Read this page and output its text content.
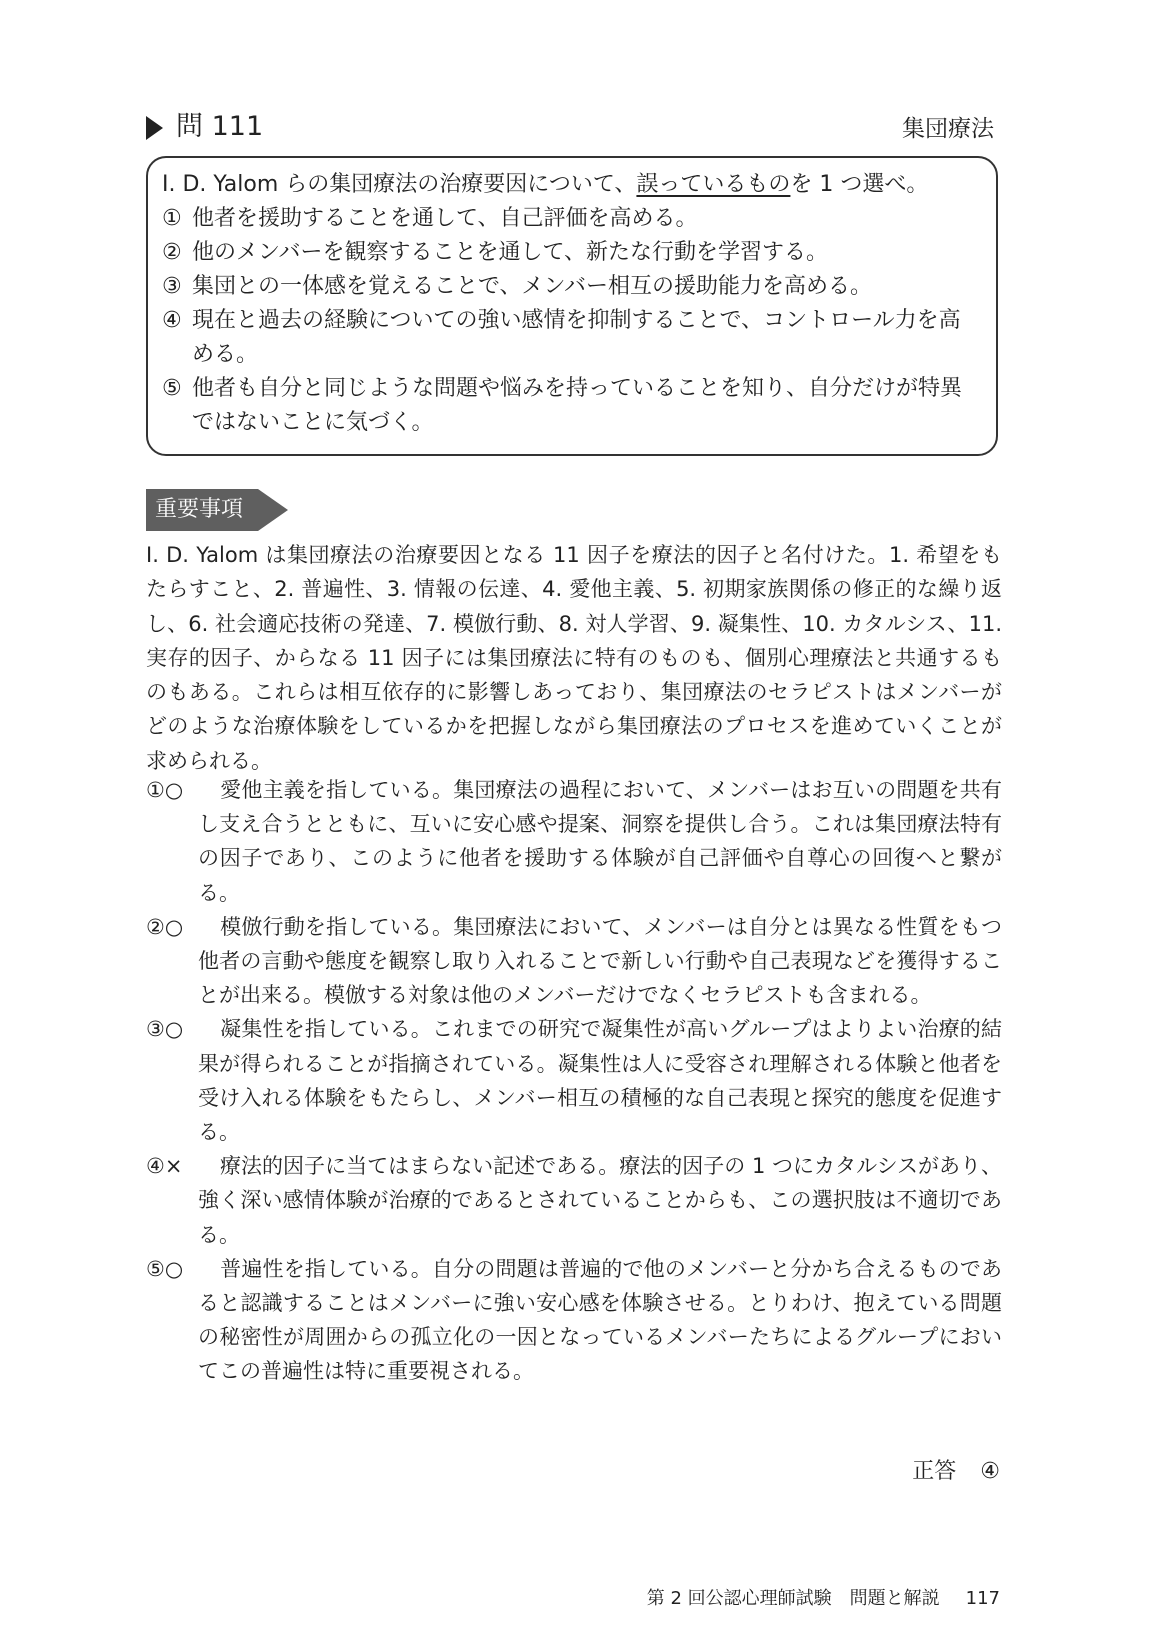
問 111	集団療法
I. D. Yalom らの集団療法の治療要因について、誤っているものを 1 つ選べ。
① 他者を援助することを通して、自己評価を高める。
② 他のメンバーを観察することを通して、新たな行動を学習する。
③ 集団との一体感を覚えることで、メンバー相互の援助能力を高める。
④ 現在と過去の経験についての強い感情を抑制することで、コントロール力を高める。
⑤ 他者も自分と同じような問題や悩みを持っていることを知り、自分だけが特異ではないことに気づく。
重要事項
I. D. Yalom は集団療法の治療要因となる 11 因子を療法的因子と名付けた。1. 希望をもたらすこと、2. 普遍性、3. 情報の伝達、4. 愛他主義、5. 初期家族関係の修正的な繰り返し、6. 社会適応技術の発達、7. 模倣行動、8. 対人学習、9. 凝集性、10. カタルシス、11. 実存的因子、からなる 11 因子には集団療法に特有のものも、個別心理療法と共通するものもある。これらは相互依存的に影響しあっており、集団療法のセラピストはメンバーがどのような治療体験をしているかを把握しながら集団療法のプロセスを進めていくことが求められる。
①○ 愛他主義を指している。集団療法の過程において、メンバーはお互いの問題を共有し支え合うとともに、互いに安心感や提案、洞察を提供し合う。これは集団療法特有の因子であり、このように他者を援助する体験が自己評価や自尊心の回復へと繋がる。
②○ 模倣行動を指している。集団療法において、メンバーは自分とは異なる性質をもつ他者の言動や態度を観察し取り入れることで新しい行動や自己表現などを獲得することが出来る。模倣する対象は他のメンバーだけでなくセラピストも含まれる。
③○ 凝集性を指している。これまでの研究で凝集性が高いグループはよりよい治療的結果が得られることが指摘されている。凝集性は人に受容され理解される体験と他者を受け入れる体験をもたらし、メンバー相互の積極的な自己表現と探究的態度を促進する。
④× 療法的因子に当てはまらない記述である。療法的因子の 1 つにカタルシスがあり、強く深い感情体験が治療的であるとされていることからも、この選択肢は不適切である。
⑤○ 普遍性を指している。自分の問題は普遍的で他のメンバーと分かち合えるものであると認識することはメンバーに強い安心感を体験させる。とりわけ、抱えている問題の秘密性が周囲からの孤立化の一因となっているメンバーたちによるグループにおいてこの普遍性は特に重要視される。
正答 ④
第 2 回公認心理師試験　問題と解説 117
